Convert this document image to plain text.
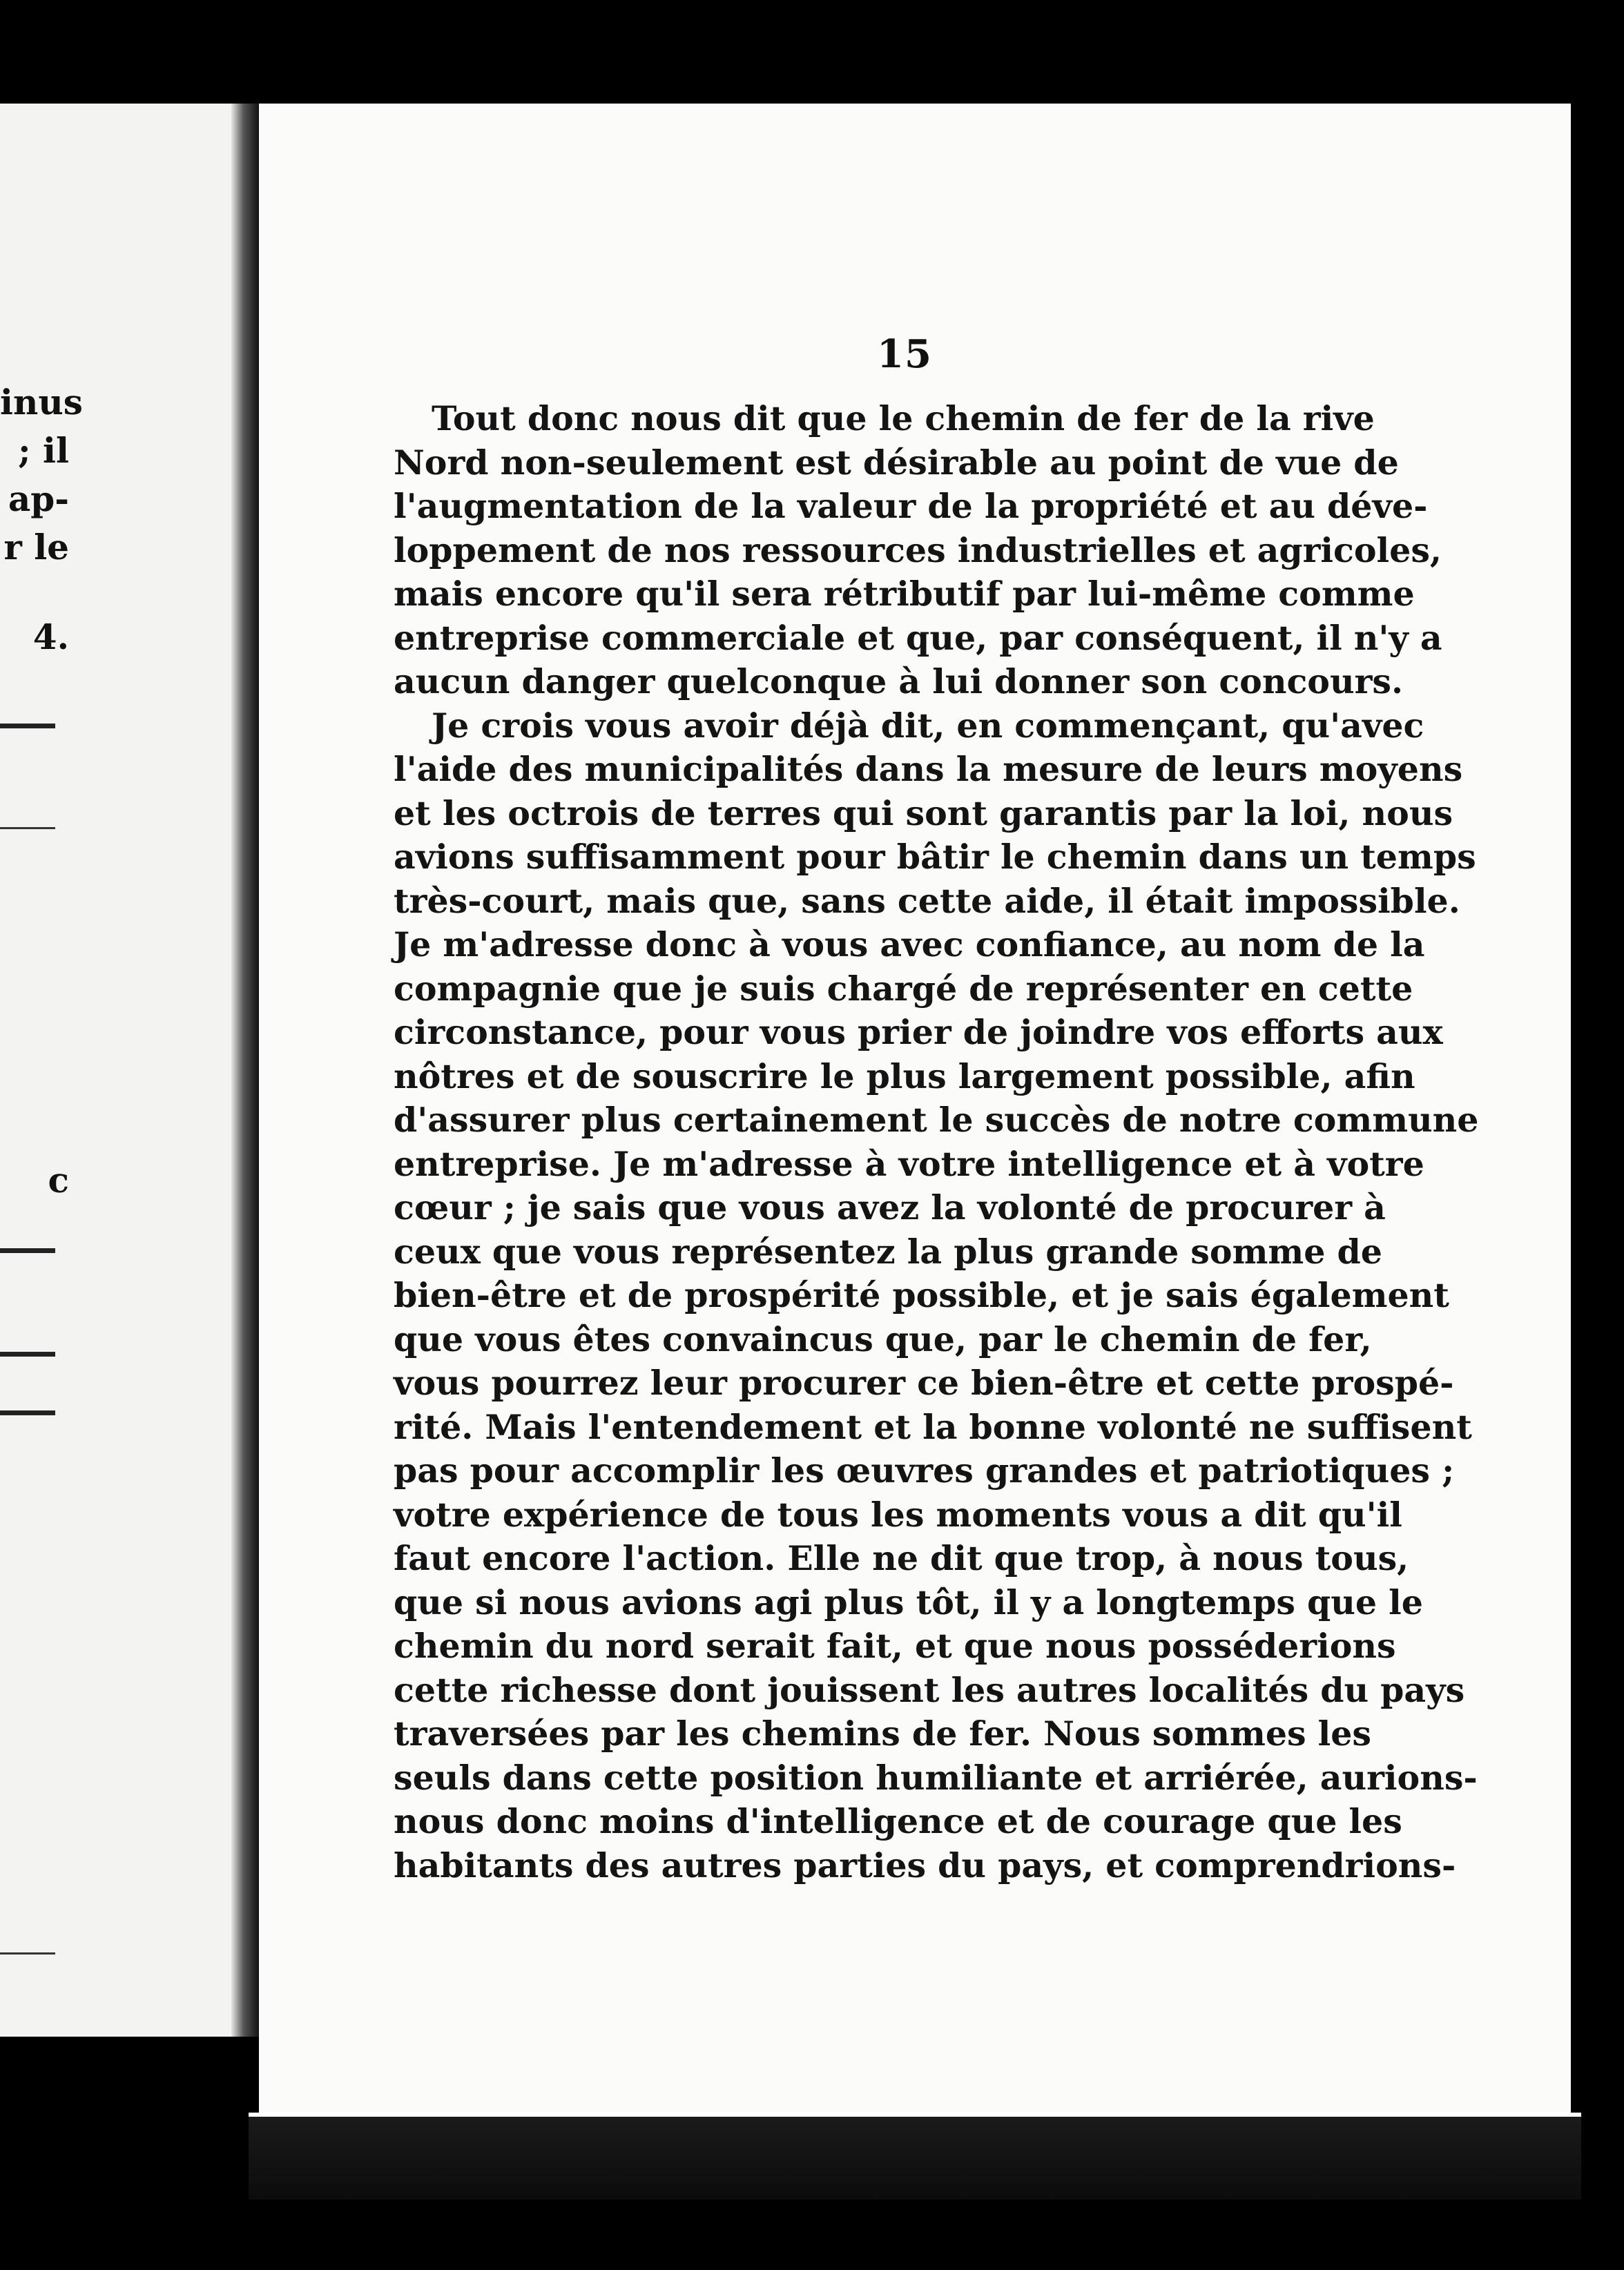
inus
; il
ap-
r le
4.
c
15
Tout donc nous dit que le chemin de fer de la rive
Nord non-seulement est désirable au point de vue de
l'augmentation de la valeur de la propriété et au déve-
loppement de nos ressources industrielles et agricoles,
mais encore qu'il sera rétributif par lui-même comme
entreprise commerciale et que, par conséquent, il n'y a
aucun danger quelconque à lui donner son concours.
Je crois vous avoir déjà dit, en commençant, qu'avec
l'aide des municipalités dans la mesure de leurs moyens
et les octrois de terres qui sont garantis par la loi, nous
avions suffisamment pour bâtir le chemin dans un temps
très-court, mais que, sans cette aide, il était impossible.
Je m'adresse donc à vous avec confiance, au nom de la
compagnie que je suis chargé de représenter en cette
circonstance, pour vous prier de joindre vos efforts aux
nôtres et de souscrire le plus largement possible, afin
d'assurer plus certainement le succès de notre commune
entreprise. Je m'adresse à votre intelligence et à votre
cœur ; je sais que vous avez la volonté de procurer à
ceux que vous représentez la plus grande somme de
bien-être et de prospérité possible, et je sais également
que vous êtes convaincus que, par le chemin de fer,
vous pourrez leur procurer ce bien-être et cette prospé-
rité. Mais l'entendement et la bonne volonté ne suffisent
pas pour accomplir les œuvres grandes et patriotiques ;
votre expérience de tous les moments vous a dit qu'il
faut encore l'action. Elle ne dit que trop, à nous tous,
que si nous avions agi plus tôt, il y a longtemps que le
chemin du nord serait fait, et que nous posséderions
cette richesse dont jouissent les autres localités du pays
traversées par les chemins de fer. Nous sommes les
seuls dans cette position humiliante et arriérée, aurions-
nous donc moins d'intelligence et de courage que les
habitants des autres parties du pays, et comprendrions-
